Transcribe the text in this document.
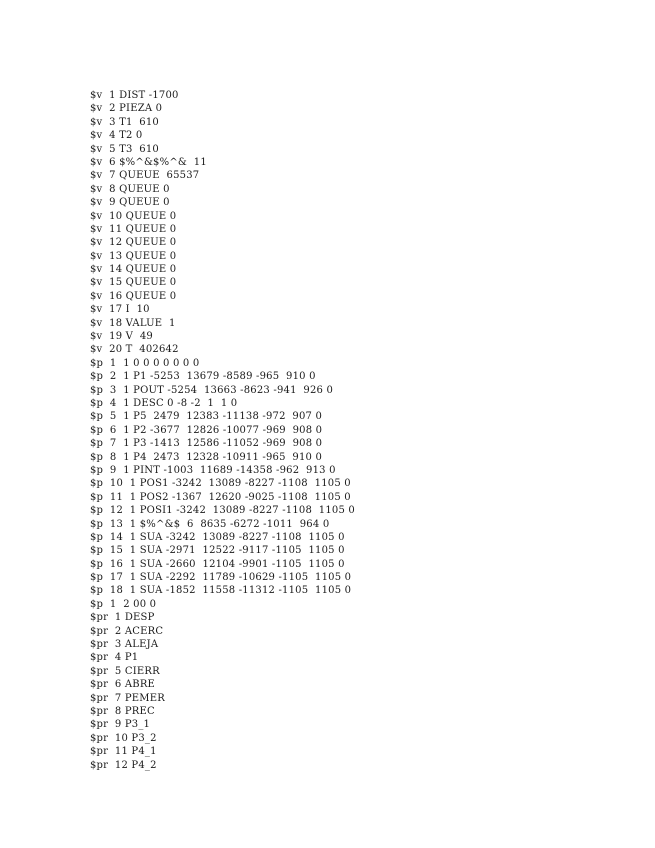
$v  1 DIST -1700
$v  2 PIEZA 0
$v  3 T1  610
$v  4 T2 0
$v  5 T3  610
$v  6 $%^&$%^&  11
$v  7 QUEUE  65537
$v  8 QUEUE 0
$v  9 QUEUE 0
$v  10 QUEUE 0
$v  11 QUEUE 0
$v  12 QUEUE 0
$v  13 QUEUE 0
$v  14 QUEUE 0
$v  15 QUEUE 0
$v  16 QUEUE 0
$v  17 I  10
$v  18 VALUE  1
$v  19 V  49
$v  20 T  402642
$p  1  1 0 0 0 0 0 0 0
$p  2  1 P1 -5253  13679 -8589 -965  910 0
$p  3  1 POUT -5254  13663 -8623 -941  926 0
$p  4  1 DESC 0 -8 -2  1  1 0
$p  5  1 P5  2479  12383 -11138 -972  907 0
$p  6  1 P2 -3677  12826 -10077 -969  908 0
$p  7  1 P3 -1413  12586 -11052 -969  908 0
$p  8  1 P4  2473  12328 -10911 -965  910 0
$p  9  1 PINT -1003  11689 -14358 -962  913 0
$p  10  1 POS1 -3242  13089 -8227 -1108  1105 0
$p  11  1 POS2 -1367  12620 -9025 -1108  1105 0
$p  12  1 POSI1 -3242  13089 -8227 -1108  1105 0
$p  13  1 $%^&$  6  8635 -6272 -1011  964 0
$p  14  1 SUA -3242  13089 -8227 -1108  1105 0
$p  15  1 SUA -2971  12522 -9117 -1105  1105 0
$p  16  1 SUA -2660  12104 -9901 -1105  1105 0
$p  17  1 SUA -2292  11789 -10629 -1105  1105 0
$p  18  1 SUA -1852  11558 -11312 -1105  1105 0
$p  1  2 00 0
$pr  1 DESP
$pr  2 ACERC
$pr  3 ALEJA
$pr  4 P1
$pr  5 CIERR
$pr  6 ABRE
$pr  7 PEMER
$pr  8 PREC
$pr  9 P3_1
$pr  10 P3_2
$pr  11 P4_1
$pr  12 P4_2
